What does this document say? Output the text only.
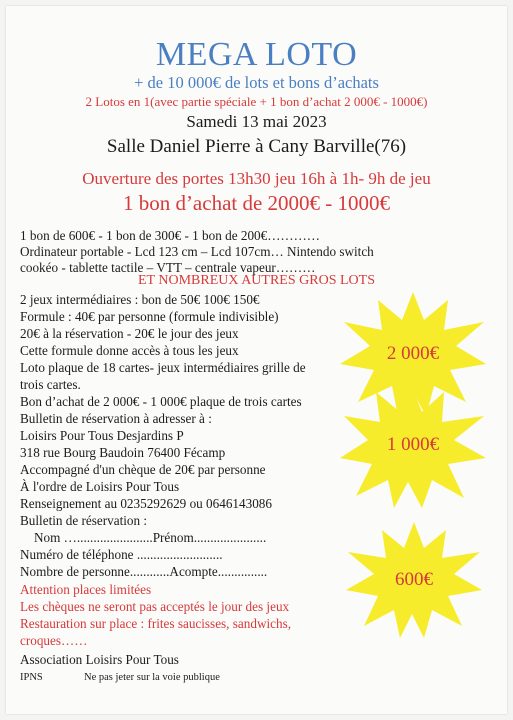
MEGA LOTO
+ de 10 000€ de lots et bons d’achats
2 Lotos en 1(avec partie spéciale + 1 bon d’achat 2 000€ - 1000€)
Samedi 13 mai 2023
Salle Daniel Pierre à Cany Barville(76)
Ouverture des portes 13h30 jeu 16h à 1h- 9h de jeu
1 bon d’achat de 2000€ - 1000€
1 bon de 600€ - 1 bon de 300€ - 1 bon de 200€…………
Ordinateur portable - Lcd 123 cm – Lcd 107cm… Nintendo switch
cookéo - tablette tactile – VTT – centrale vapeur………
ET NOMBREUX AUTRES GROS LOTS
2 jeux intermédiaires : bon de 50€ 100€ 150€
Formule : 40€ par personne (formule indivisible)
20€ à la réservation - 20€ le jour des jeux
Cette formule donne accès à tous les jeux
Loto plaque de 18 cartes- jeux intermédiaires grille de
trois cartes.
Bon d’achat de 2 000€ - 1 000€ plaque de trois cartes
Bulletin de réservation à adresser à :
Loisirs Pour Tous Desjardins P
318 rue Bourg Baudoin 76400 Fécamp
Accompagné d'un chèque de 20€ par personne
À l'ordre de Loisirs Pour Tous
Renseignement au 0235292629 ou 0646143086
Bulletin de réservation :
Nom ….......................Prénom......................
Numéro de téléphone ..........................
Nombre de personne............Acompte...............
Attention places limitées
Les chèques ne seront pas acceptés le jour des jeux
Restauration sur place : frites saucisses, sandwichs,
croques……
Association Loisirs Pour Tous
IPNS	Ne pas jeter sur la voie publique
2 000€
1 000€
600€
